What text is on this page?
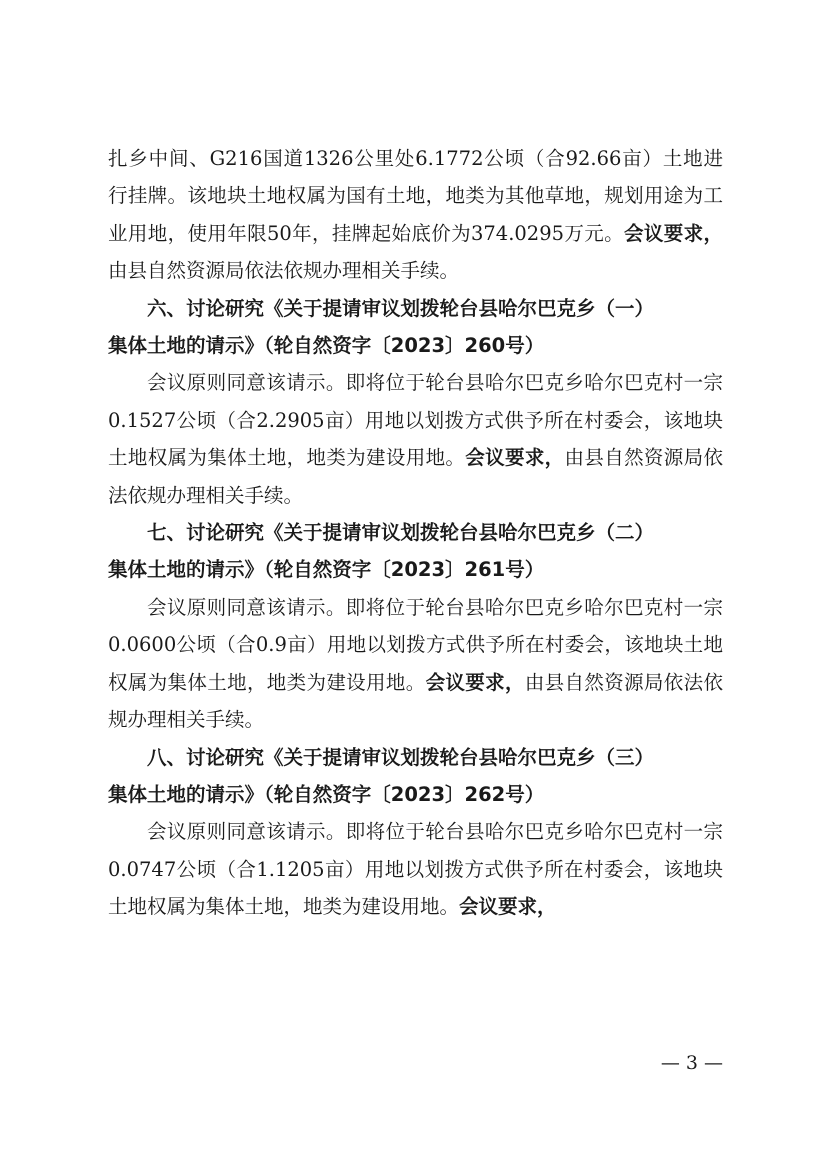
扎乡中间、G216国道1326公里处6.1772公顷（合92.66亩）土地进行挂牌。该地块土地权属为国有土地，地类为其他草地，规划用途为工业用地，使用年限50年，挂牌起始底价为374.0295万元。会议要求，由县自然资源局依法依规办理相关手续。

六、讨论研究《关于提请审议划拨轮台县哈尔巴克乡（一）
集体土地的请示》（轮自然资字〔2023〕260号）

会议原则同意该请示。即将位于轮台县哈尔巴克乡哈尔巴克村一宗0.1527公顷（合2.2905亩）用地以划拨方式供予所在村委会，该地块土地权属为集体土地，地类为建设用地。会议要求，由县自然资源局依法依规办理相关手续。

七、讨论研究《关于提请审议划拨轮台县哈尔巴克乡（二）
集体土地的请示》（轮自然资字〔2023〕261号）

会议原则同意该请示。即将位于轮台县哈尔巴克乡哈尔巴克村一宗0.0600公顷（合0.9亩）用地以划拨方式供予所在村委会，该地块土地权属为集体土地，地类为建设用地。会议要求，由县自然资源局依法依规办理相关手续。

八、讨论研究《关于提请审议划拨轮台县哈尔巴克乡（三）
集体土地的请示》（轮自然资字〔2023〕262号）

会议原则同意该请示。即将位于轮台县哈尔巴克乡哈尔巴克村一宗0.0747公顷（合1.1205亩）用地以划拨方式供予所在村委会，该地块土地权属为集体土地，地类为建设用地。会议要求，

— 3 —
